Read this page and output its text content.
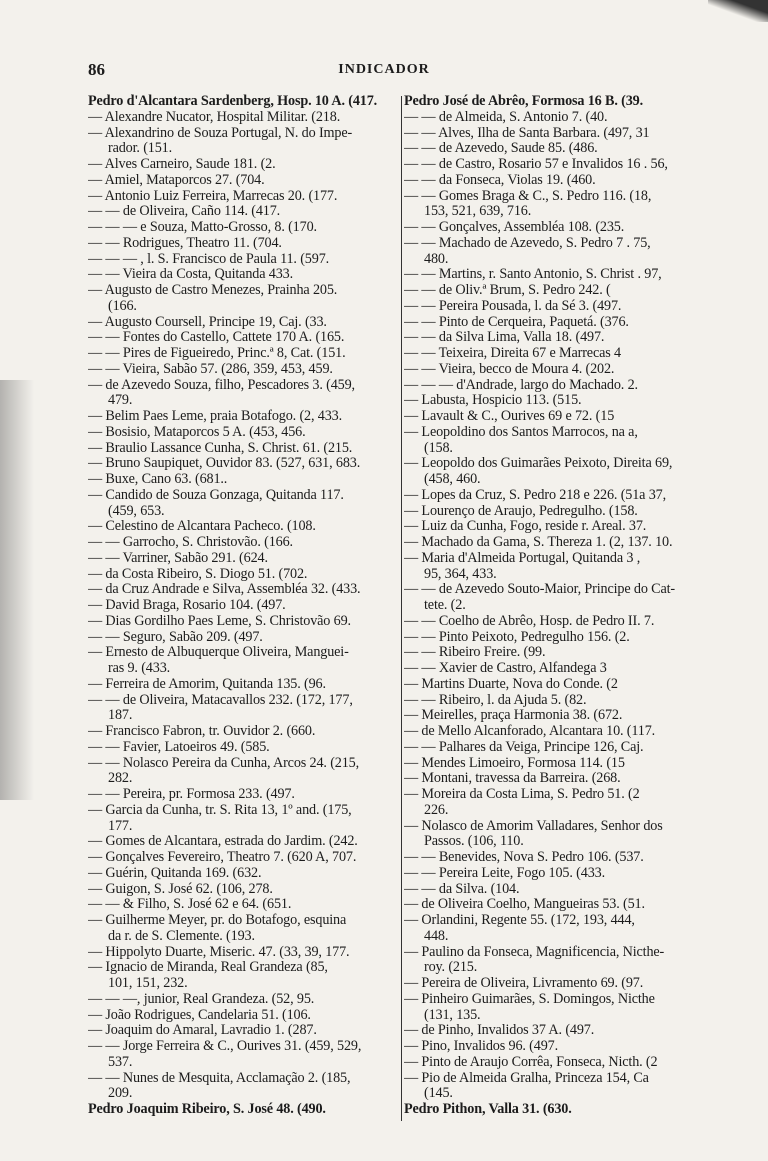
86	INDICADOR
Pedro d'Alcantara Sardenberg, Hosp. 10 A. (417.
— Alexandre Nucator, Hospital Militar. (218.
— Alexandrino de Souza Portugal, N. do Impe-
rador. (151.
— Alves Carneiro, Saude 181. (2.
— Amiel, Mataporcos 27. (704.
— Antonio Luiz Ferreira, Marrecas 20. (177.
— — de Oliveira, Caño 114. (417.
— — — e Souza, Matto-Grosso, 8. (170.
— — Rodrigues, Theatro 11. (704.
— — — , l. S. Francisco de Paula 11. (597.
— — Vieira da Costa, Quitanda 433.
— Augusto de Castro Menezes, Prainha 205.
(166.
— Augusto Coursell, Principe 19, Caj. (33.
— — Fontes do Castello, Cattete 170 A. (165.
— — Pires de Figueiredo, Princ.ª 8, Cat. (151.
— — Vieira, Sabão 57. (286, 359, 453, 459.
— de Azevedo Souza, filho, Pescadores 3. (459,
479.
— Belim Paes Leme, praia Botafogo. (2, 433.
— Bosisio, Mataporcos 5 A. (453, 456.
— Braulio Lassance Cunha, S. Christ. 61. (215.
— Bruno Saupiquet, Ouvidor 83. (527, 631, 683.
— Buxe, Cano 63. (681..
— Candido de Souza Gonzaga, Quitanda 117.
(459, 653.
— Celestino de Alcantara Pacheco. (108.
— — Garrocho, S. Christovão. (166.
— — Varriner, Sabão 291. (624.
— da Costa Ribeiro, S. Diogo 51. (702.
— da Cruz Andrade e Silva, Assembléa 32. (433.
— David Braga, Rosario 104. (497.
— Dias Gordilho Paes Leme, S. Christovão 69.
— — Seguro, Sabão 209. (497.
— Ernesto de Albuquerque Oliveira, Manguei-
ras 9. (433.
— Ferreira de Amorim, Quitanda 135. (96.
— — de Oliveira, Matacavallos 232. (172, 177,
187.
— Francisco Fabron, tr. Ouvidor 2. (660.
— — Favier, Latoeiros 49. (585.
— — Nolasco Pereira da Cunha, Arcos 24. (215,
282.
— — Pereira, pr. Formosa 233. (497.
— Garcia da Cunha, tr. S. Rita 13, 1º and. (175,
177.
— Gomes de Alcantara, estrada do Jardim. (242.
— Gonçalves Fevereiro, Theatro 7. (620 A, 707.
— Guérin, Quitanda 169. (632.
— Guigon, S. José 62. (106, 278.
— — & Filho, S. José 62 e 64. (651.
— Guilherme Meyer, pr. do Botafogo, esquina
da r. de S. Clemente. (193.
— Hippolyto Duarte, Miseric. 47. (33, 39, 177.
— Ignacio de Miranda, Real Grandeza (85,
101, 151, 232.
— — —, junior, Real Grandeza. (52, 95.
— João Rodrigues, Candelaria 51. (106.
— Joaquim do Amaral, Lavradio 1. (287.
— — Jorge Ferreira & C., Ourives 31. (459, 529,
537.
— — Nunes de Mesquita, Acclamação 2. (185,
209.
Pedro Joaquim Ribeiro, S. José 48. (490.
Pedro José de Abrêo, Formosa 16 B. (39.
— — de Almeida, S. Antonio 7. (40.
— — Alves, Ilha de Santa Barbara. (497, 31
— — de Azevedo, Saude 85. (486.
— — de Castro, Rosario 57 e Invalidos 16 . 56,
— — da Fonseca, Violas 19. (460.
— — Gomes Braga & C., S. Pedro 116. (18,
153, 521, 639, 716.
— — Gonçalves, Assembléa 108. (235.
— — Machado de Azevedo, S. Pedro 7 . 75,
480.
— — Martins, r. Santo Antonio, S. Christ . 97,
— — de Oliv.ª Brum, S. Pedro 242. (
— — Pereira Pousada, l. da Sé 3. (497.
— — Pinto de Cerqueira, Paquetá. (376.
— — da Silva Lima, Valla 18. (497.
— — Teixeira, Direita 67 e Marrecas 4
— — Vieira, becco de Moura 4. (202.
— — — d'Andrade, largo do Machado. 2.
— Labusta, Hospicio 113. (515.
— Lavault & C., Ourives 69 e 72. (15
— Leopoldino dos Santos Marrocos, na a,
(158.
— Leopoldo dos Guimarães Peixoto, Direita 69,
(458, 460.
— Lopes da Cruz, S. Pedro 218 e 226. (51a 37,
— Lourenço de Araujo, Pedregulho. (158.
— Luiz da Cunha, Fogo, reside r. Areal. 37.
— Machado da Gama, S. Thereza 1. (2, 137. 10.
— Maria d'Almeida Portugal, Quitanda 3 ,
95, 364, 433.
— — de Azevedo Souto-Maior, Principe do Cat-
tete. (2.
— — Coelho de Abrêo, Hosp. de Pedro II. 7.
— — Pinto Peixoto, Pedregulho 156. (2.
— — Ribeiro Freire. (99.
— — Xavier de Castro, Alfandega 3
— Martins Duarte, Nova do Conde. (2
— — Ribeiro, l. da Ajuda 5. (82.
— Meirelles, praça Harmonia 38. (672.
— de Mello Alcanforado, Alcantara 10. (117.
— — Palhares da Veiga, Principe 126, Caj.
— Mendes Limoeiro, Formosa 114. (15
— Montani, travessa da Barreira. (268.
— Moreira da Costa Lima, S. Pedro 51. (2
226.
— Nolasco de Amorim Valladares, Senhor dos
Passos. (106, 110.
— — Benevides, Nova S. Pedro 106. (537.
— — Pereira Leite, Fogo 105. (433.
— — da Silva. (104.
— de Oliveira Coelho, Mangueiras 53. (51.
— Orlandini, Regente 55. (172, 193, 444,
448.
— Paulino da Fonseca, Magnificencia, Nicthe-
roy. (215.
— Pereira de Oliveira, Livramento 69. (97.
— Pinheiro Guimarães, S. Domingos, Nicthe
(131, 135.
— de Pinho, Invalidos 37 A. (497.
— Pino, Invalidos 96. (497.
— Pinto de Araujo Corrêa, Fonseca, Nicth. (2
— Pio de Almeida Gralha, Princeza 154, Ca
(145.
Pedro Pithon, Valla 31. (630.
